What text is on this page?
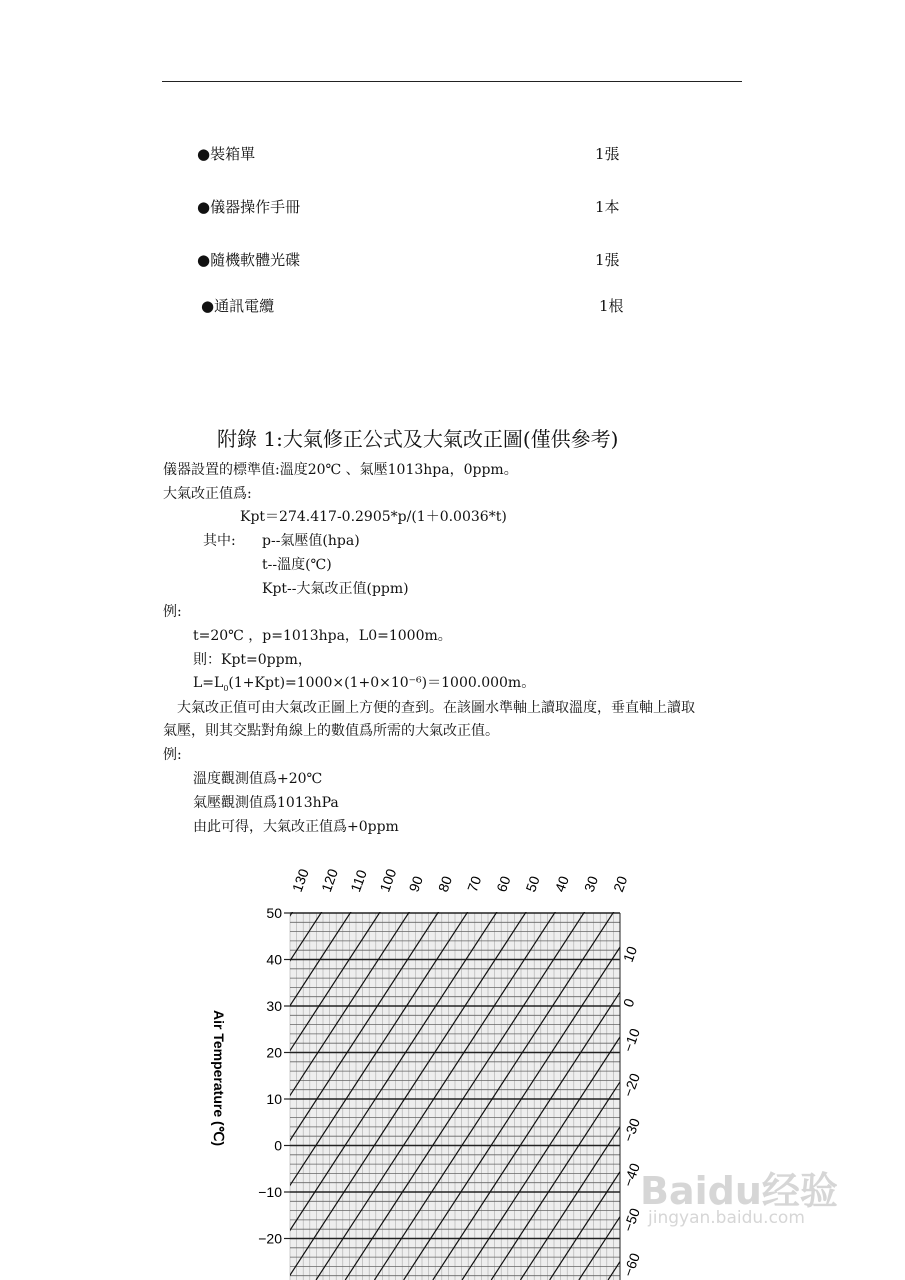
●裝箱單	1張
●儀器操作手冊	1本
●隨機軟體光碟	1張
●通訊電纜	1根
附錄 1:大氣修正公式及大氣改正圖(僅供參考)
儀器設置的標準值:溫度20℃ 、氣壓1013hpa，0ppm。
大氣改正值爲:
Kpt＝274.417-0.2905*p/(1＋0.0036*t)
其中: p--氣壓值(hpa)
t--溫度(℃)
Kpt--大氣改正值(ppm)
例:
t=20℃ ，p=1013hpa，L0=1000m。
則：Kpt=0ppm，
$L=L_0(1+Kpt)=1000\times(1+0\times 10^{-6})=1000.000m$。
　大氣改正值可由大氣改正圖上方便的查到。在該圖水準軸上讀取溫度，垂直軸上讀取
氣壓，則其交點對角線上的數值爲所需的大氣改正值。
例:
溫度觀測值爲+20℃
氣壓觀測值爲1013hPa
由此可得，大氣改正值爲+0ppm
50
40
30
20
10
0
−10
−20
130 120 110 100 90 80 70 60 50 40 30 20
10
0
−10
−20
−30
−40
−50
−60
Air Temperature (℃)
Baidu经验
jingyan.baidu.com
